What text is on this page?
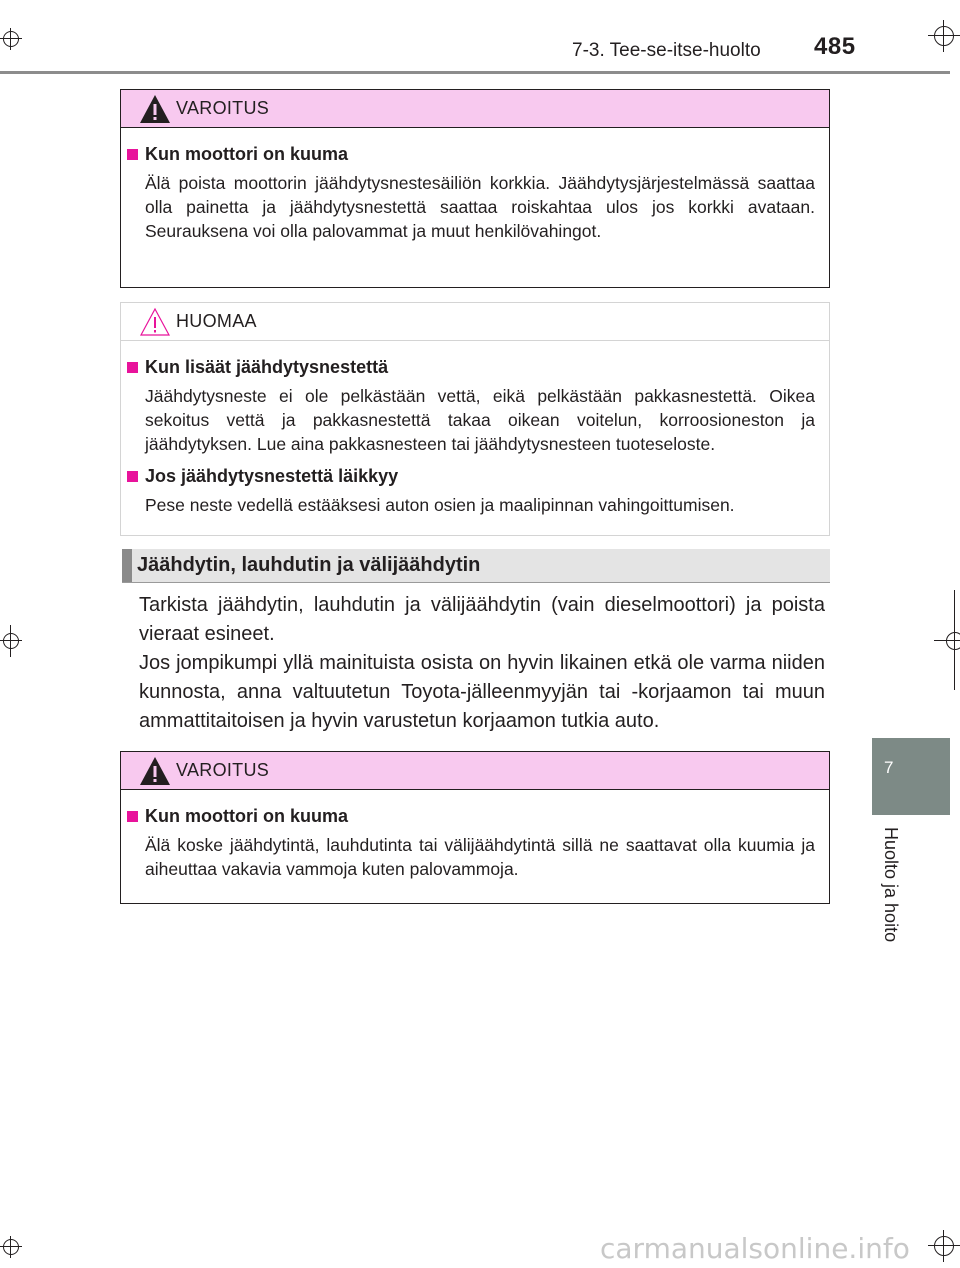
7-3. Tee-se-itse-huolto 485
VAROITUS
Kun moottori on kuuma
Älä poista moottorin jäähdytysnestesäiliön korkkia. Jäähdytysjärjestelmässä saattaa olla painetta ja jäähdytysnestettä saattaa roiskahtaa ulos jos korkki avataan. Seurauksena voi olla palovammat ja muut henkilövahingot.
HUOMAA
Kun lisäät jäähdytysnestettä
Jäähdytysneste ei ole pelkästään vettä, eikä pelkästään pakkasnestettä. Oikea sekoitus vettä ja pakkasnestettä takaa oikean voitelun, korroosioneston ja jäähdytyksen. Lue aina pakkasnesteen tai jäähdytysnesteen tuoteseloste.
Jos jäähdytysnestettä läikkyy
Pese neste vedellä estääksesi auton osien ja maalipinnan vahingoittumisen.
Jäähdytin, lauhdutin ja välijäähdytin
Tarkista jäähdytin, lauhdutin ja välijäähdytin (vain dieselmoottori) ja poista vieraat esineet.
Jos jompikumpi yllä mainituista osista on hyvin likainen etkä ole varma niiden kunnosta, anna valtuutetun Toyota-jälleenmyyjän tai -korjaamon tai muun ammattitaitoisen ja hyvin varustetun korjaamon tutkia auto.
VAROITUS
Kun moottori on kuuma
Älä koske jäähdytintä, lauhdutinta tai välijäähdytintä sillä ne saattavat olla kuumia ja aiheuttaa vakavia vammoja kuten palovammoja.
7
Huolto ja hoito
carmanualsonline.info
